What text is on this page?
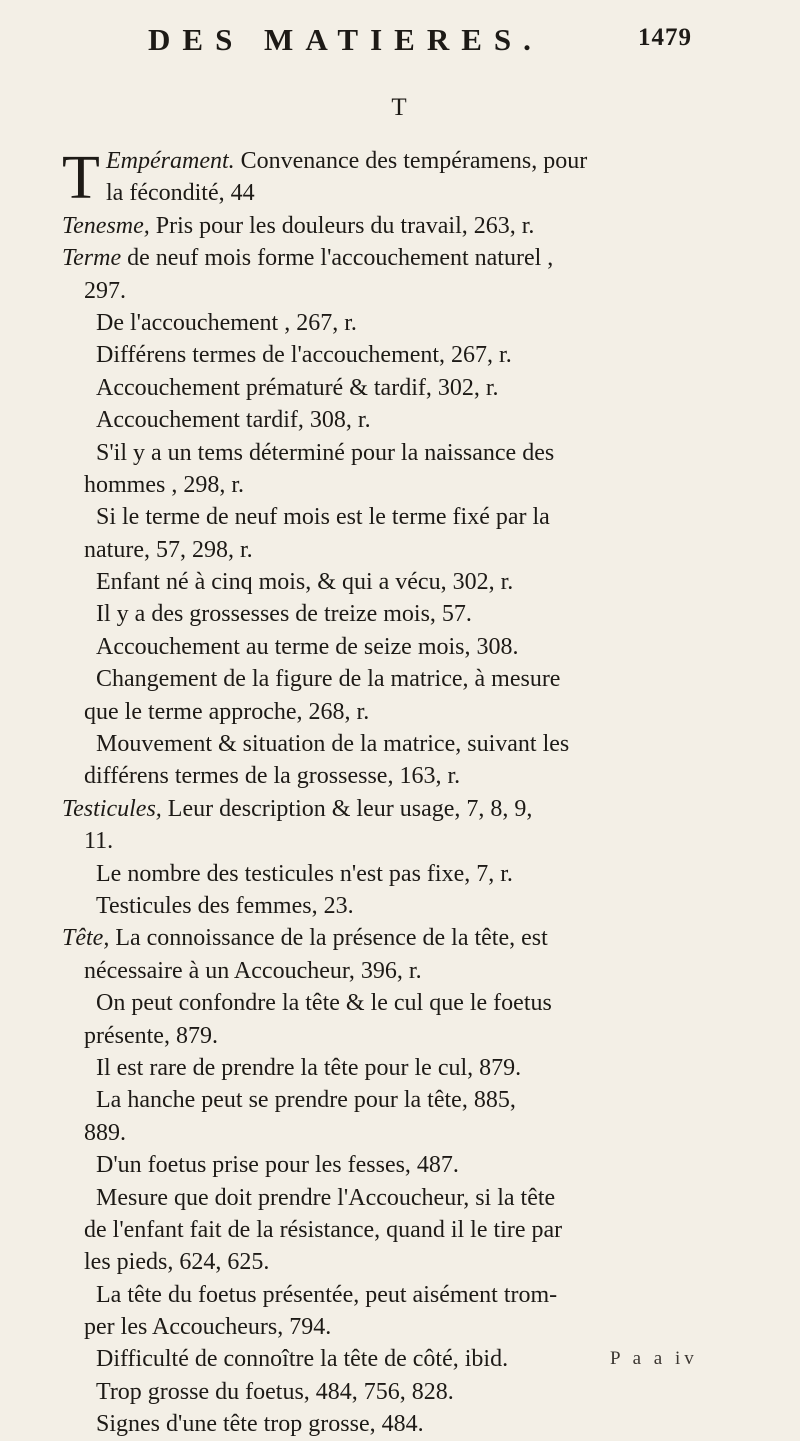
DES MATIERES.	1479
T
T Empérament. Convenance des tempéramens, pour
la fécondité, 44
Tenesme, Pris pour les douleurs du travail, 263, r.
Terme de neuf mois forme l'accouchement naturel ,
297.
De l'accouchement , 267, r.
Différens termes de l'accouchement, 267, r.
Accouchement prématuré & tardif, 302, r.
Accouchement tardif, 308, r.
S'il y a un tems déterminé pour la naissance des
hommes , 298, r.
Si le terme de neuf mois est le terme fixé par la
nature, 57, 298, r.
Enfant né à cinq mois, & qui a vécu, 302, r.
Il y a des grossesses de treize mois, 57.
Accouchement au terme de seize mois, 308.
Changement de la figure de la matrice, à mesure
que le terme approche, 268, r.
Mouvement & situation de la matrice, suivant les
différens termes de la grossesse, 163, r.
Testicules, Leur description & leur usage, 7, 8, 9,
11.
Le nombre des testicules n'est pas fixe, 7, r.
Testicules des femmes, 23.
Tête, La connoissance de la présence de la tête, est
nécessaire à un Accoucheur, 396, r.
On peut confondre la tête & le cul que le foetus
présente, 879.
Il est rare de prendre la tête pour le cul, 879.
La hanche peut se prendre pour la tête, 885,
889.
D'un foetus prise pour les fesses, 487.
Mesure que doit prendre l'Accoucheur, si la tête
de l'enfant fait de la résistance, quand il le tire par
les pieds, 624, 625.
La tête du foetus présentée, peut aisément trom-
per les Accoucheurs, 794.
Difficulté de connoître la tête de côté, ibid.
Trop grosse du foetus, 484, 756, 828.
Signes d'une tête trop grosse, 484.
P a a iv
